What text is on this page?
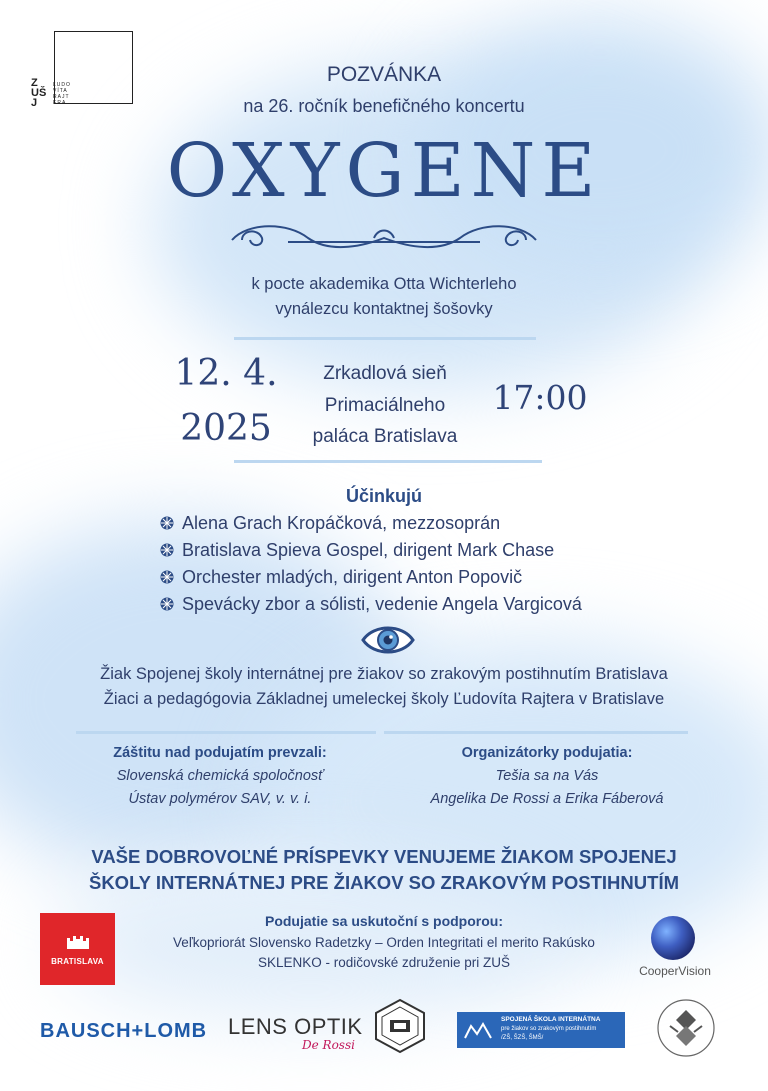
Z
UŠ
J
ĽUDO
VÍTA
RAJT
ERA
POZVÁNKA
na 26. ročník benefičného koncertu
OXYGENE
k pocte akademika Otta Wichterleho
vynálezcu kontaktnej šošovky
12. 4.
2025
Zrkadlová sieň
Primaciálneho
paláca Bratislava
17:00
Účinkujú
Alena Grach Kropáčková, mezzosoprán
Bratislava Spieva Gospel, dirigent Mark Chase
Orchester mladých, dirigent Anton Popovič
Spevácky zbor a sólisti, vedenie Angela Vargicová
Žiak Spojenej školy internátnej pre žiakov so zrakovým postihnutím Bratislava
Žiaci a pedagógovia Základnej umeleckej školy Ľudovíta Rajtera v Bratislave
Záštitu nad podujatím prevzali:
Slovenská chemická spoločnosť
Ústav polymérov SAV, v. v. i.
Organizátorky podujatia:
Tešia sa na Vás
Angelika De Rossi a Erika Fáberová
VAŠE DOBROVOĽNÉ PRÍSPEVKY VENUJEME ŽIAKOM SPOJENEJ
ŠKOLY INTERNÁTNEJ PRE ŽIAKOV SO ZRAKOVÝM POSTIHNUTÍM
Podujatie sa uskutoční s podporou:
Veľkopriorát Slovensko Radetzky – Orden Integritati el merito Rakúsko
SKLENKO - rodičovské združenie pri ZUŠ
BRATISLAVA
CooperVision
BAUSCH+LOMB LENS OPTIK
De Rossi
SPOJENÁ ŠKOLA INTERNÁTNA
pre žiakov so zrakovým postihnutím
/ZŠ, ŠZŠ, ŠMŠ/
